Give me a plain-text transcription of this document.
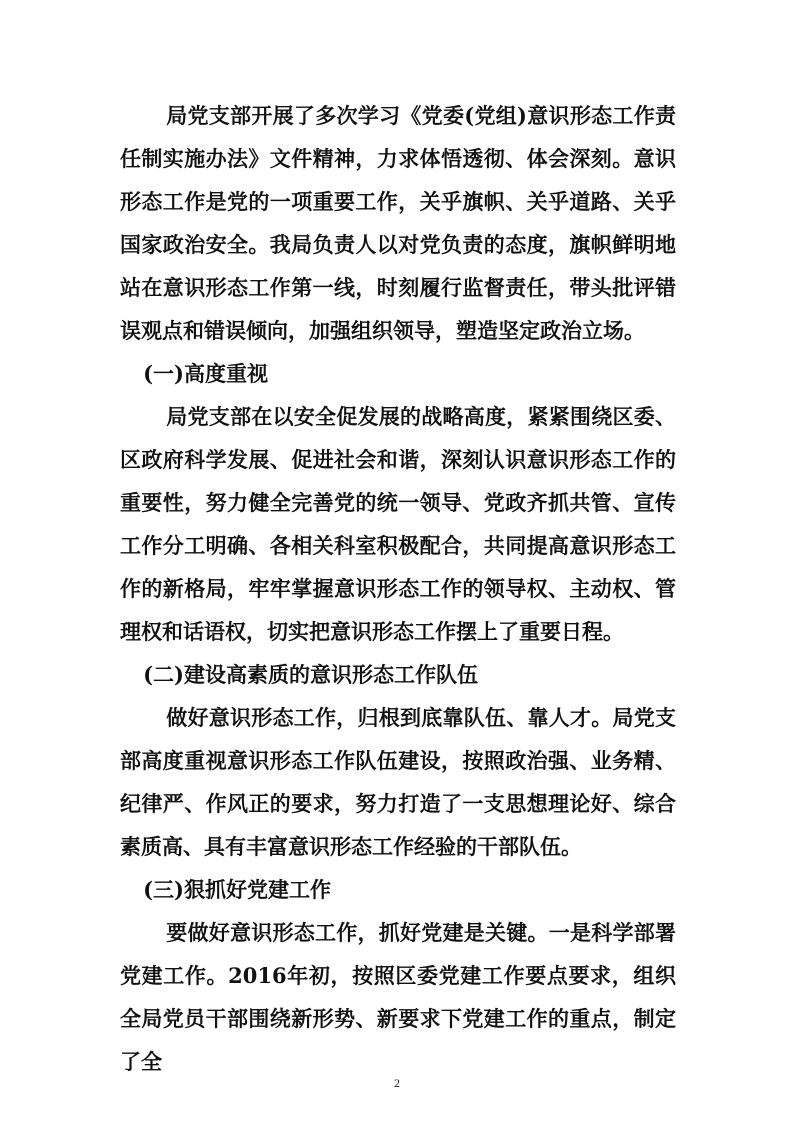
局党支部开展了多次学习《党委(党组)意识形态工作责任制实施办法》文件精神，力求体悟透彻、体会深刻。意识形态工作是党的一项重要工作，关乎旗帜、关乎道路、关乎国家政治安全。我局负责人以对党负责的态度，旗帜鲜明地站在意识形态工作第一线，时刻履行监督责任，带头批评错误观点和错误倾向，加强组织领导，塑造坚定政治立场。

(一)高度重视

局党支部在以安全促发展的战略高度，紧紧围绕区委、区政府科学发展、促进社会和谐，深刻认识意识形态工作的重要性，努力健全完善党的统一领导、党政齐抓共管、宣传工作分工明确、各相关科室积极配合，共同提高意识形态工作的新格局，牢牢掌握意识形态工作的领导权、主动权、管理权和话语权，切实把意识形态工作摆上了重要日程。

(二)建设高素质的意识形态工作队伍

做好意识形态工作，归根到底靠队伍、靠人才。局党支部高度重视意识形态工作队伍建设，按照政治强、业务精、纪律严、作风正的要求，努力打造了一支思想理论好、综合素质高、具有丰富意识形态工作经验的干部队伍。

(三)狠抓好党建工作

要做好意识形态工作，抓好党建是关键。一是科学部署党建工作。2016年初，按照区委党建工作要点要求，组织全局党员干部围绕新形势、新要求下党建工作的重点，制定了全

2
